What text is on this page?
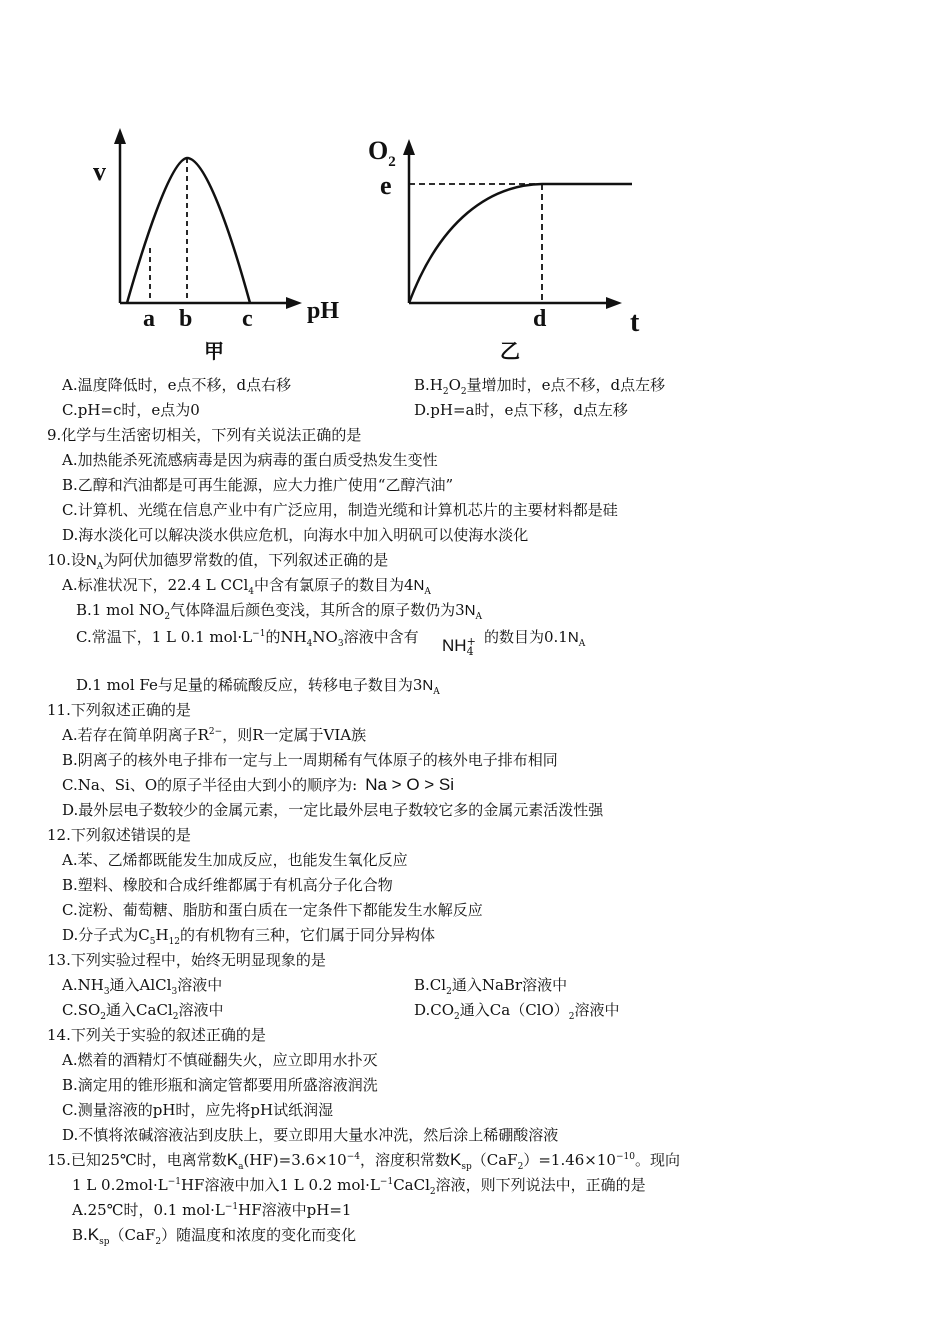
v
pH
a b c
甲
$O_2$
e
t
d
乙
A.温度降低时，e点不移，d点右移	$B.H_2O_2$量增加时，e点不移，d点左移
C.pH=c时，e点为0	D.pH=a时，e点下移，d点左移
9.化学与生活密切相关，下列有关说法正确的是
A.加热能杀死流感病毒是因为病毒的蛋白质受热发生变性
B.乙醇和汽油都是可再生能源，应大力推广使用“乙醇汽油”
C.计算机、光缆在信息产业中有广泛应用，制造光缆和计算机芯片的主要材料都是硅
D.海水淡化可以解决淡水供应危机，向海水中加入明矾可以使海水淡化
10.设$N_A$为阿伏加德罗常数的值，下列叙述正确的是
A.标准状况下，22.4 L CCl$_4$中含有氯原子的数目为$4N_A$
B.1 mol $NO_2$气体降温后颜色变浅，其所含的原子数仍为$3N_A$
C.常温下，1 L 0.1 $mol\cdot L^{-1}$的$NH_4NO_3$溶液中含有 NH +
4
的数目为$0.1N_A$
D.1 mol Fe与足量的稀硫酸反应，转移电子数目为$3N_A$
11.下列叙述正确的是
A.若存在简单阴离子$R^{2-}$，则R一定属于VIA族
B.阴离子的核外电子排布一定与上一周期稀有气体原子的核外电子排布相同
C.Na、Si、O的原子半径由大到小的顺序为: Na > O > Si
D.最外层电子数较少的金属元素，一定比最外层电子数较它多的金属元素活泼性强
12.下列叙述错误的是
A.苯、乙烯都既能发生加成反应，也能发生氧化反应
B.塑料、橡胶和合成纤维都属于有机高分子化合物
C.淀粉、葡萄糖、脂肪和蛋白质在一定条件下都能发生水解反应
D.分子式为$C_5H_{12}$的有机物有三种，它们属于同分异构体
13.下列实验过程中，始终无明显现象的是
$A.NH_3$通入AlCl$_3$溶液中	$B.Cl_2$通入NaBr溶液中
$C.SO_2$通入CaCl$_2$溶液中	$D.CO_2$通入$Ca(ClO)_2$溶液中
14.下列关于实验的叙述正确的是
A.燃着的酒精灯不慎碰翻失火，应立即用水扑灭
B.滴定用的锥形瓶和滴定管都要用所盛溶液润洗
C.测量溶液的pH时，应先将pH试纸润湿
D.不慎将浓碱溶液沾到皮肤上，要立即用大量水冲洗，然后涂上稀硼酸溶液
15.已知25℃时，电离常数$K_a(HF)=3.6\times 10^{-4}$，溶度积常数$K_{sp}(CaF_2)=1.46\times 10^{-10}$。现向
1 L $0.2mol\cdot L^{-1}HF$溶液中加入1 L 0.2 $mol\cdot L^{-1}CaCl_2$溶液，则下列说法中，正确的是
A.25℃时，0.1 $mol\cdot L^{-1}HF$溶液中pH=1
$B.K_{sp}(CaF_2)$随温度和浓度的变化而变化
